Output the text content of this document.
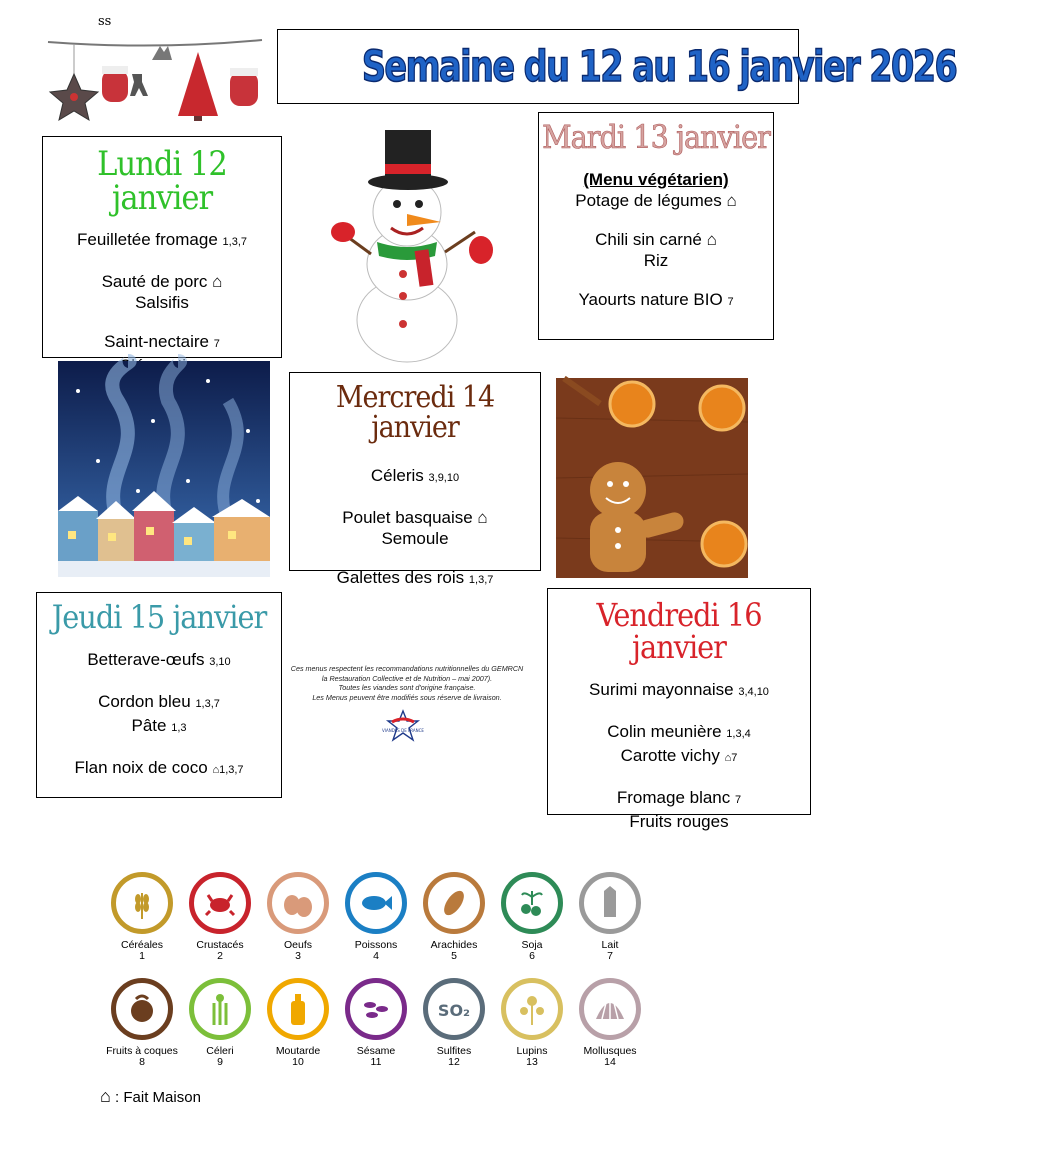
ss
Semaine du 12 au 16 janvier 2026
Lundi 12 janvier
Feuilletée fromage 1,3,7
Sauté de porc ⌂
Salsifis
Saint-nectaire 7
Mardi 13 janvier
(Menu végétarien)
Potage de légumes ⌂
Chili sin carné ⌂
Riz
Yaourts nature BIO 7
Mercredi 14 janvier
Céleris 3,9,10
Poulet basquaise ⌂
Semoule
Galettes des rois 1,3,7
Jeudi 15 janvier
Betterave-œufs 3,10
Cordon bleu 1,3,7
Pâte 1,3
Flan noix de coco ⌂1,3,7
Ces menus respectent les recommandations nutritionnelles du GEMRCN la Restauration Collective et de Nutrition – mai 2007).
Toutes les viandes sont d'origine française.
Les Menus peuvent être modifiés sous réserve de livraison.
VIANDES DE FRANCE
Vendredi 16 janvier
Surimi mayonnaise 3,4,10
Colin meunière 1,3,4
Carotte vichy ⌂7
Fromage blanc 7
Fruits rouges
Céréales
1
Crustacés
2
Oeufs
3
Poissons
4
Arachides
5
Soja
6
Lait
7
Fruits à coques
8
Céleri
9
Moutarde
10
Sésame
11
SO₂
Sulfites
12
Lupins
13
Mollusques
14
⌂ : Fait Maison
